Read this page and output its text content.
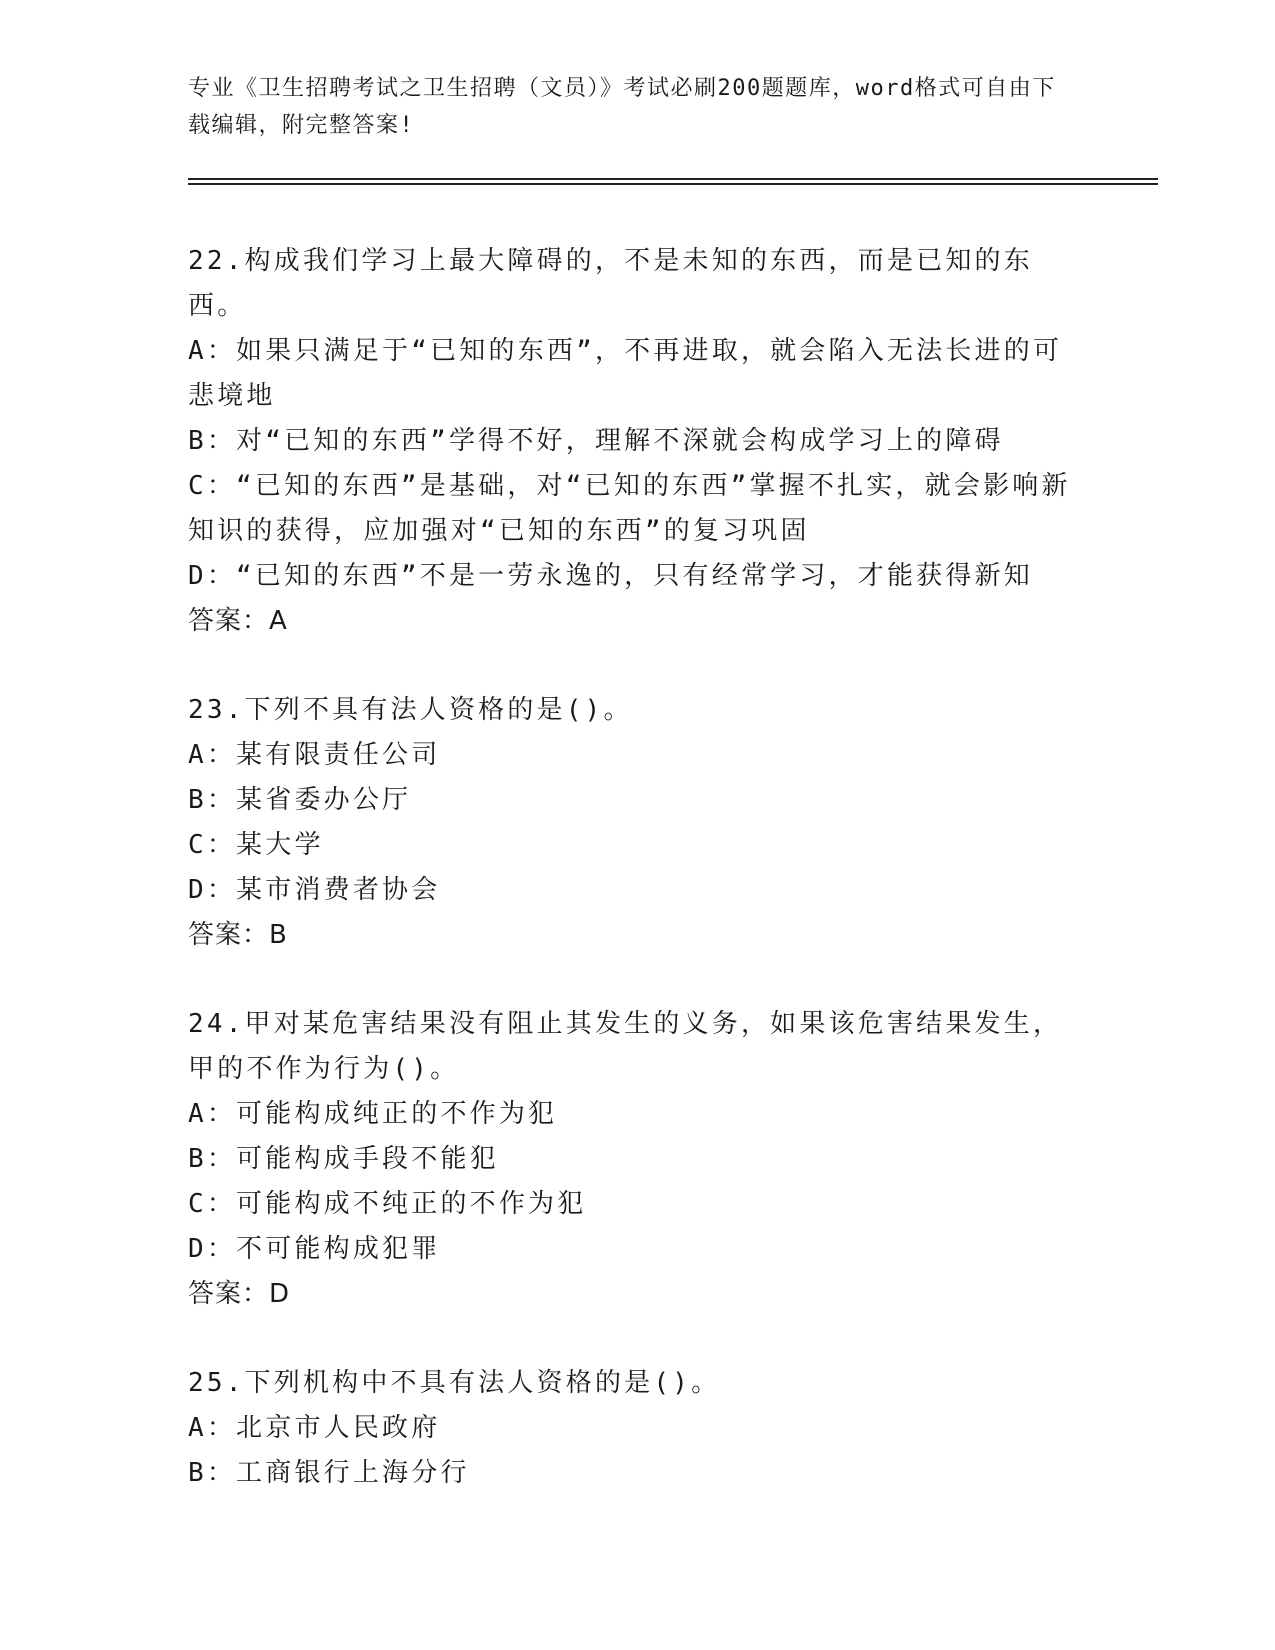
专业《卫生招聘考试之卫生招聘（文员）》考试必刷200题题库，word格式可自由下载编辑，附完整答案!

22.构成我们学习上最大障碍的，不是未知的东西，而是已知的东西。

A：如果只满足于“已知的东西”，不再进取，就会陷入无法长进的可悲境地

B：对“已知的东西”学得不好，理解不深就会构成学习上的障碍

C：“已知的东西”是基础，对“已知的东西”掌握不扎实，就会影响新知识的获得，应加强对“已知的东西”的复习巩固

D：“已知的东西”不是一劳永逸的，只有经常学习，才能获得新知

答案：A

23.下列不具有法人资格的是()。

A：某有限责任公司

B：某省委办公厅

C：某大学

D：某市消费者协会

答案：B

24.甲对某危害结果没有阻止其发生的义务，如果该危害结果发生，甲的不作为行为()。

A：可能构成纯正的不作为犯

B：可能构成手段不能犯

C：可能构成不纯正的不作为犯

D：不可能构成犯罪

答案：D

25.下列机构中不具有法人资格的是()。

A：北京市人民政府

B：工商银行上海分行
